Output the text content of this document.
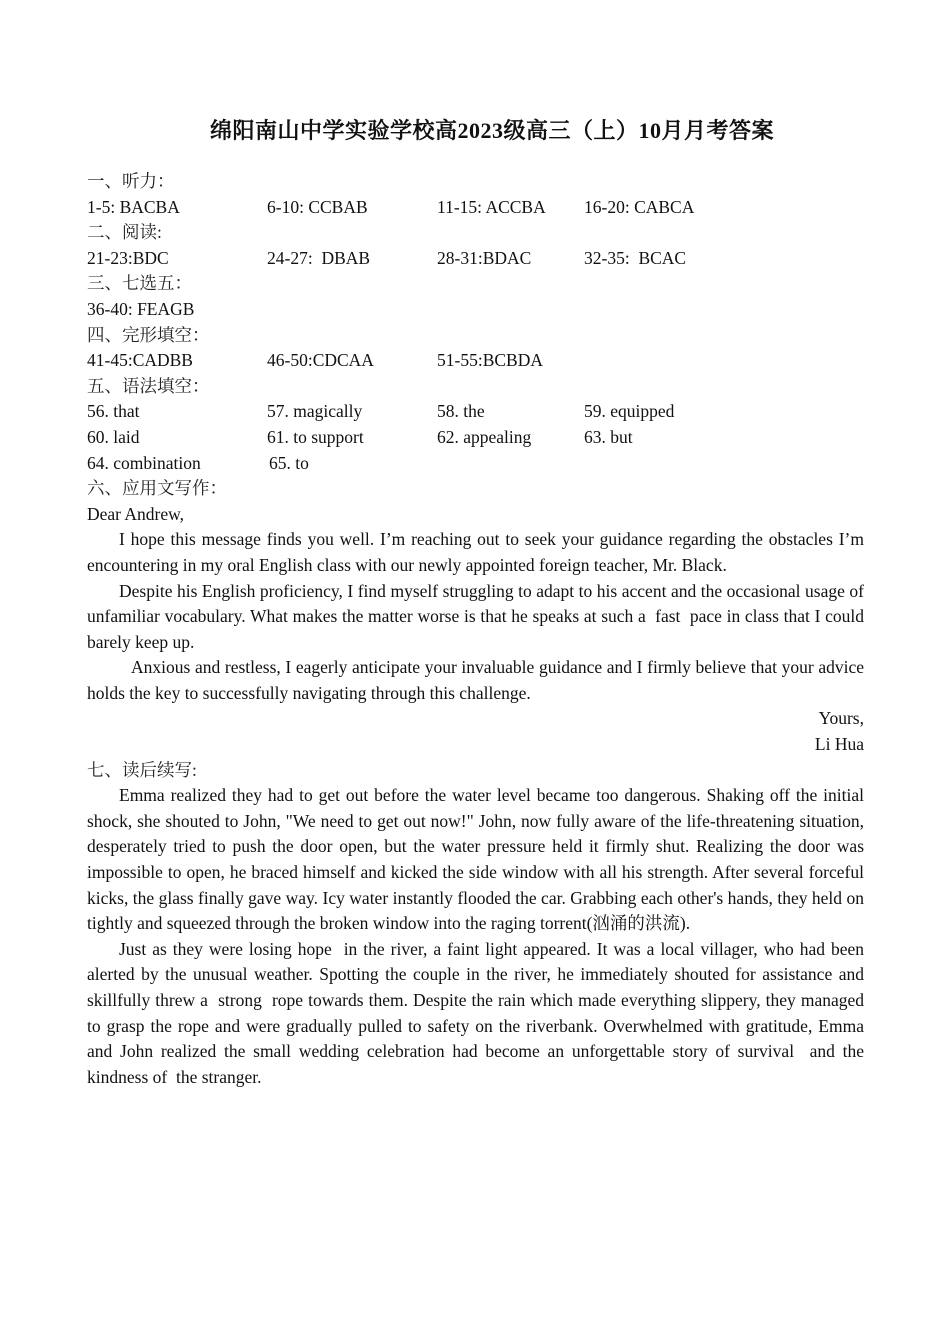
绵阳南山中学实验学校高2023级高三（上）10月月考答案
一、听力：
1-5: BACBA	6-10: CCBAB	11-15: ACCBA 16-20: CABCA
二、阅读:
21-23:BDC	24-27:  DBAB	28-31:BDAC	32-35:  BCAC
三、七选五：
36-40: FEAGB
四、完形填空：
41-45:CADBB	46-50:CDCAA	51-55:BCBDA
五、语法填空：
56. that	57. magically	58. the	59. equipped
60. laid	61. to support	62. appealing	63. but
64. combination	65. to
六、应用文写作：
Dear Andrew,

I hope this message finds you well. I’m reaching out to seek your guidance regarding the obstacles I’m encountering in my oral English class with our newly appointed foreign teacher, Mr. Black.

Despite his English proficiency, I find myself struggling to adapt to his accent and the occasional usage of unfamiliar vocabulary. What makes the matter worse is that he speaks at such a  fast  pace in class that I could barely keep up.

Anxious and restless, I eagerly anticipate your invaluable guidance and I firmly believe that your advice holds the key to successfully navigating through this challenge.

Yours,
Li Hua
七、读后续写:

Emma realized they had to get out before the water level became too dangerous. Shaking off the initial shock, she shouted to John, "We need to get out now!" John, now fully aware of the life-threatening situation, desperately tried to push the door open, but the water pressure held it firmly shut. Realizing the door was impossible to open, he braced himself and kicked the side window with all his strength. After several forceful kicks, the glass finally gave way. Icy water instantly flooded the car. Grabbing each other's hands, they held on tightly and squeezed through the broken window into the raging torrent(汹涌的洪流).

Just as they were losing hope  in the river, a faint light appeared. It was a local villager, who had been alerted by the unusual weather. Spotting the couple in the river, he immediately shouted for assistance and skillfully threw a  strong  rope towards them. Despite the rain which made everything slippery, they managed to grasp the rope and were gradually pulled to safety on the riverbank. Overwhelmed with gratitude, Emma and John realized the small wedding celebration had become an unforgettable story of survival  and the kindness of  the stranger.
